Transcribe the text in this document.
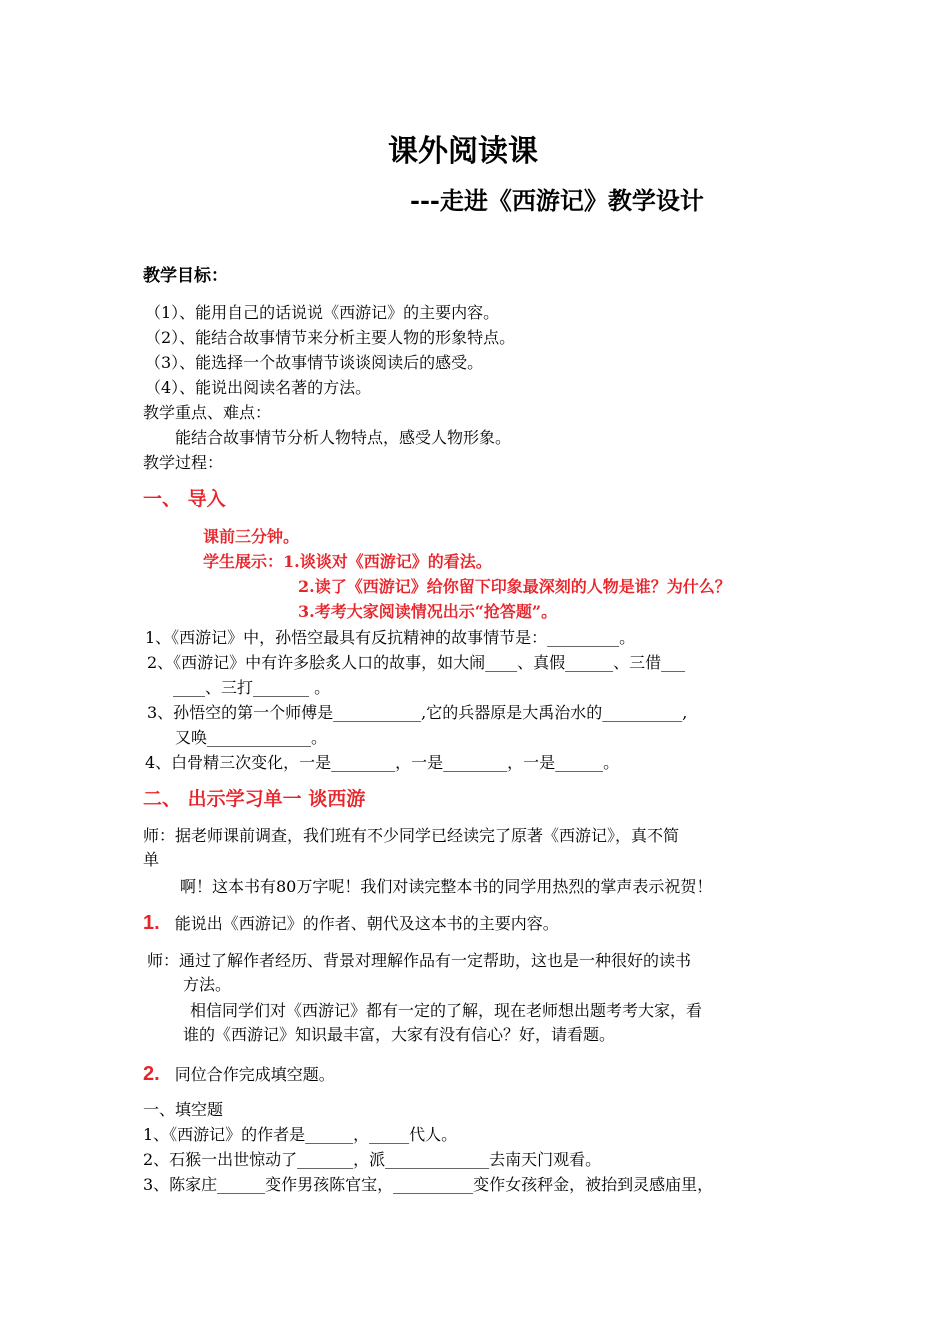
课外阅读课
---走进《西游记》教学设计
教学目标：
（1）、能用自己的话说说《西游记》的主要内容。
（2）、能结合故事情节来分析主要人物的形象特点。
（3）、能选择一个故事情节谈谈阅读后的感受。
（4）、能说出阅读名著的方法。
教学重点、难点：
能结合故事情节分析人物特点，感受人物形象。
教学过程：
一、 导入
课前三分钟。
学生展示：1.谈谈对《西游记》的看法。
2.读了《西游记》给你留下印象最深刻的人物是谁？为什么？
3.考考大家阅读情况出示“抢答题”。
1、《西游记》中，孙悟空最具有反抗精神的故事情节是：_________。
2、《西游记》中有许多脍炙人口的故事，如大闹____、真假______、三借___
____、三打_______ 。
3、孙悟空的第一个师傅是___________,它的兵器原是大禹治水的__________,
又唤_____________。
4、白骨精三次变化，一是________，一是________，一是______。
二、 出示学习单一 谈西游
师：据老师课前调查，我们班有不少同学已经读完了原著《西游记》，真不简
单
啊！这本书有80万字呢！我们对读完整本书的同学用热烈的掌声表示祝贺！
1. 能说出《西游记》的作者、朝代及这本书的主要内容。
师：通过了解作者经历、背景对理解作品有一定帮助，这也是一种很好的读书
方法。
相信同学们对《西游记》都有一定的了解，现在老师想出题考考大家，看
谁的《西游记》知识最丰富，大家有没有信心？好，请看题。
2. 同位合作完成填空题。
一、填空题
1、《西游记》的作者是______，_____代人。
2、石猴一出世惊动了_______，派_____________去南天门观看。
3、陈家庄______变作男孩陈官宝，__________变作女孩秤金，被抬到灵感庙里，
